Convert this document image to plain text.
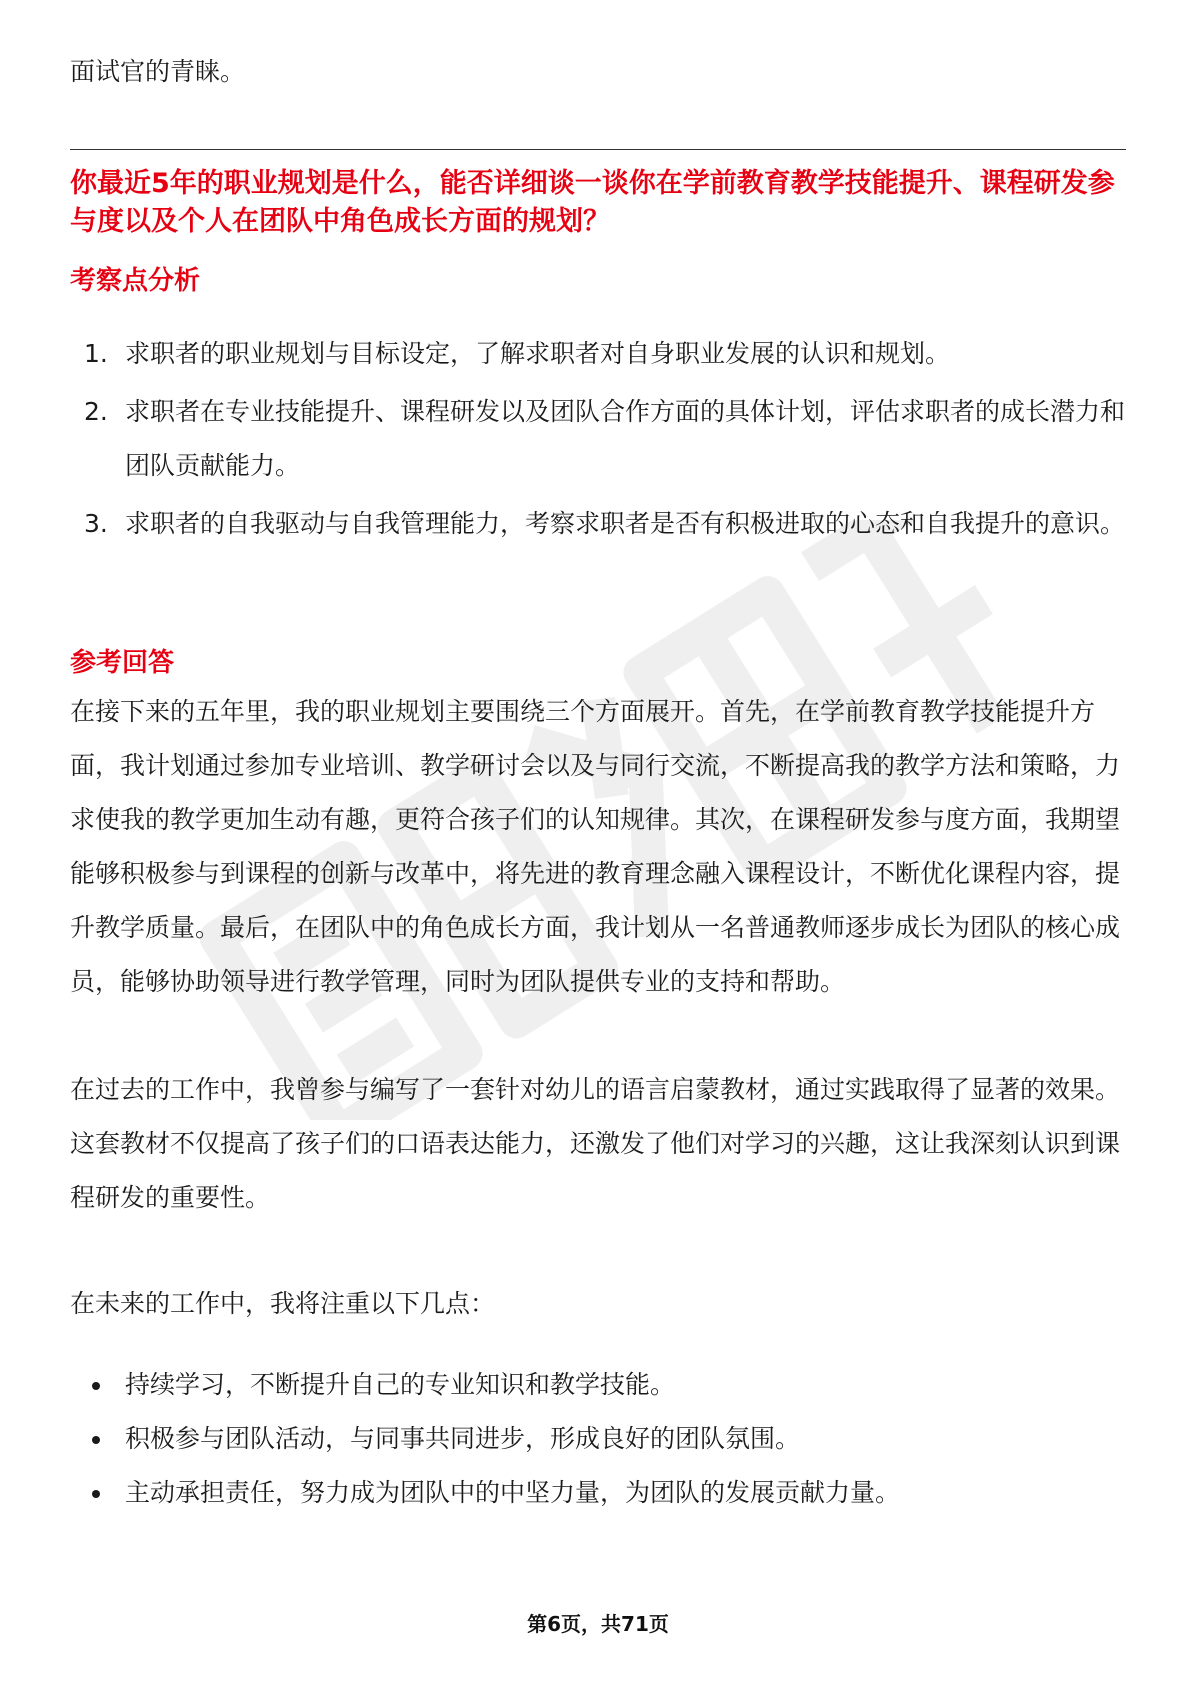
面试官的青睐。

你最近5年的职业规划是什么，能否详细谈一谈你在学前教育教学技能提升、课程研发参与度以及个人在团队中角色成长方面的规划？

考察点分析
1. 求职者的职业规划与目标设定，了解求职者对自身职业发展的认识和规划。
2. 求职者在专业技能提升、课程研发以及团队合作方面的具体计划，评估求职者的成长潜力和团队贡献能力。
3. 求职者的自我驱动与自我管理能力，考察求职者是否有积极进取的心态和自我提升的意识。
参考回答

在接下来的五年里，我的职业规划主要围绕三个方面展开。首先，在学前教育教学技能提升方面，我计划通过参加专业培训、教学研讨会以及与同行交流，不断提高我的教学方法和策略，力求使我的教学更加生动有趣，更符合孩子们的认知规律。其次，在课程研发参与度方面，我期望能够积极参与到课程的创新与改革中，将先进的教育理念融入课程设计，不断优化课程内容，提升教学质量。最后，在团队中的角色成长方面，我计划从一名普通教师逐步成长为团队的核心成员，能够协助领导进行教学管理，同时为团队提供专业的支持和帮助。

在过去的工作中，我曾参与编写了一套针对幼儿的语言启蒙教材，通过实践取得了显著的效果。这套教材不仅提高了孩子们的口语表达能力，还激发了他们对学习的兴趣，这让我深刻认识到课程研发的重要性。

在未来的工作中，我将注重以下几点：

持续学习，不断提升自己的专业知识和教学技能。
积极参与团队活动，与同事共同进步，形成良好的团队氛围。
主动承担责任，努力成为团队中的中坚力量，为团队的发展贡献力量。
第6页，共71页
